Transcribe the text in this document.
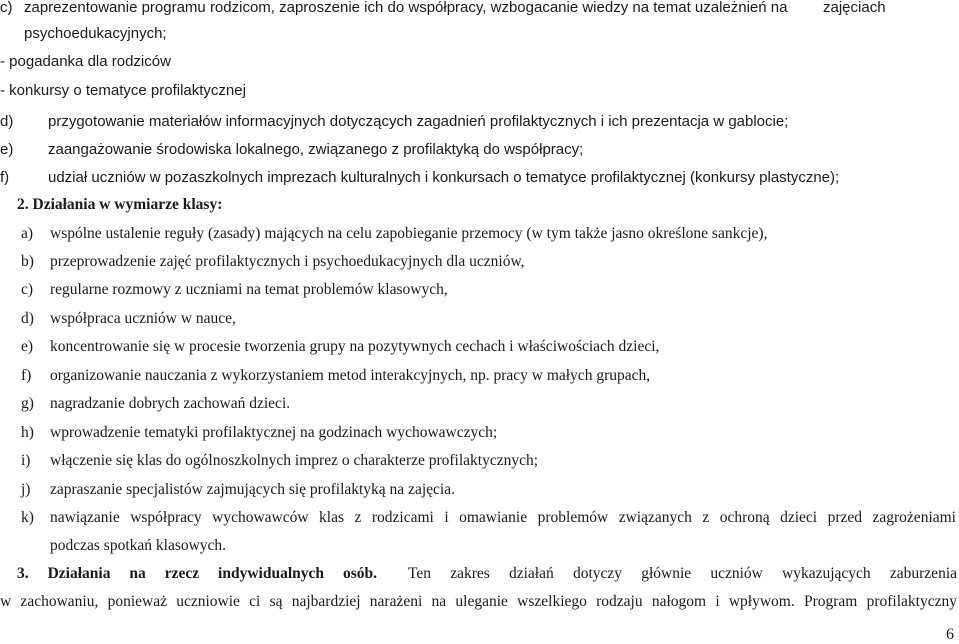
c) zaprezentowanie programu rodzicom, zaproszenie ich do współpracy, wzbogacanie wiedzy na temat uzależnień na zajęciach
psychoedukacyjnych;
- pogadanka dla rodziców
- konkursy o tematyce profilaktycznej
d) przygotowanie materiałów informacyjnych dotyczących zagadnień profilaktycznych i ich prezentacja w gablocie;
e) zaangażowanie środowiska lokalnego, związanego z profilaktyką do współpracy;
f)	udział uczniów w pozaszkolnych imprezach kulturalnych i konkursach o tematyce profilaktycznej (konkursy plastyczne);
2. Działania w wymiarze klasy:
a) wspólne ustalenie reguły (zasady) mających na celu zapobieganie przemocy (w tym także jasno określone sankcje),
b) przeprowadzenie zajęć profilaktycznych i psychoedukacyjnych dla uczniów,
c) regularne rozmowy z uczniami na temat problemów klasowych,
d) współpraca uczniów w nauce,
e) koncentrowanie się w procesie tworzenia grupy na pozytywnych cechach i właściwościach dzieci,
f) organizowanie nauczania z wykorzystaniem metod interakcyjnych, np. pracy w małych grupach,
g) nagradzanie dobrych zachowań dzieci.
h) wprowadzenie tematyki profilaktycznej na godzinach wychowawczych;
i) włączenie się klas do ogólnoszkolnych imprez o charakterze profilaktycznych;
j) zapraszanie specjalistów zajmujących się profilaktyką na zajęcia.
k) nawiązanie współpracy wychowawców klas z rodzicami i omawianie problemów związanych z ochroną dzieci przed zagrożeniami
podczas spotkań klasowych.
3. Działania na rzecz indywidualnych osób. Ten zakres działań dotyczy głównie uczniów wykazujących zaburzenia
w zachowaniu, ponieważ uczniowie ci są najbardziej narażeni na uleganie wszelkiego rodzaju nałogom i wpływom. Program profilaktyczny
6
